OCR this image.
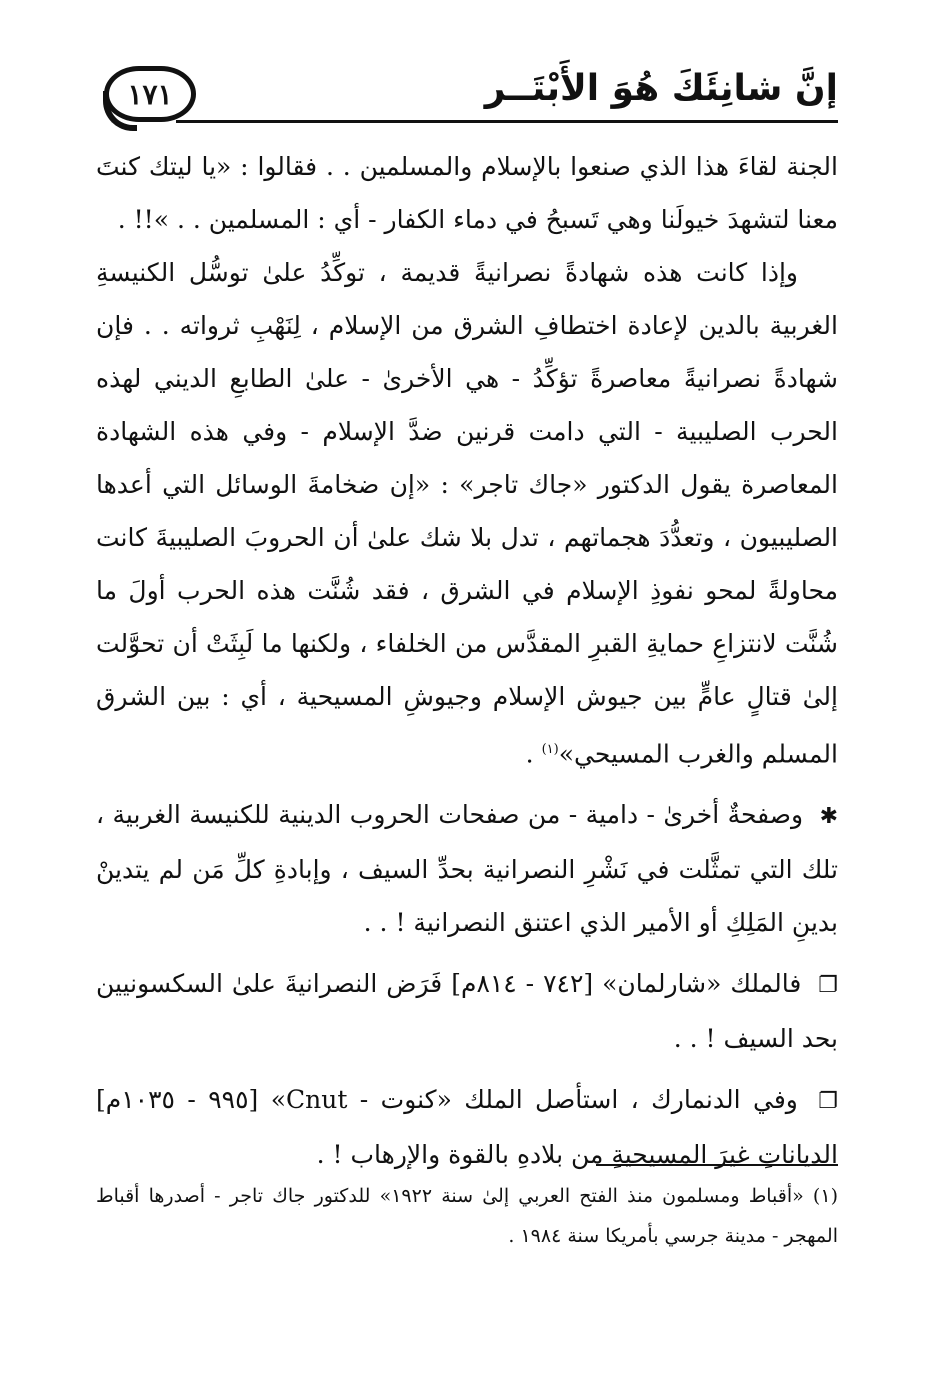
إنَّ شانِئَكَ هُوَ الأَبْتَــر
١٧١

الجنة لقاءَ هذا الذي صنعوا بالإسلام والمسلمين . . فقالوا : «يا ليتك كنتَ معنا لتشهدَ خيولَنا وهي تَسبحُ في دماء الكفار - أي : المسلمين . . »!! .

وإذا كانت هذه شهادةً نصرانيةً قديمة ، توكِّدُ علىٰ توسُّل الكنيسةِ الغربية بالدين لإعادة اختطافِ الشرق من الإسلام ، لِنَهْبِ ثرواته . . فإن شهادةً نصرانيةً معاصرةً تؤكِّدُ - هي الأخرىٰ - علىٰ الطابعِ الديني لهذه الحرب الصليبية - التي دامت قرنين ضدَّ الإسلام - وفي هذه الشهادة المعاصرة يقول الدكتور «جاك تاجر» : «إن ضخامةَ الوسائل التي أعدها الصليبيون ، وتعدُّدَ هجماتهم ، تدل بلا شك علىٰ أن الحروبَ الصليبيةَ كانت محاولةً لمحو نفوذِ الإسلام في الشرق ، فقد شُنَّت هذه الحرب أولَ ما شُنَّت لانتزاعِ حمايةِ القبرِ المقدَّس من الخلفاء ، ولكنها ما لَبِثَتْ أن تحوَّلت إلىٰ قتالٍ عامٍّ بين جيوش الإسلام وجيوشِ المسيحية ، أي : بين الشرق المسلم والغرب المسيحي»$^{(١)}$ .

✱ وصفحةٌ أخرىٰ - دامية - من صفحات الحروب الدينية للكنيسة الغربية ، تلك التي تمثَّلت في نَشْرِ النصرانية بحدِّ السيف ، وإبادةِ كلِّ مَن لم يتدينْ بدينِ المَلِكِ أو الأمير الذي اعتنق النصرانية ! . .

❐ فالملك «شارلمان» [٧٤٢ - ٨١٤م] فَرَض النصرانيةَ علىٰ السكسونيين بحد السيف ! . .

❐ وفي الدنمارك ، استأصل الملك «كنوت - Cnut» [٩٩٥ - ١٠٣٥م] الدياناتِ غيرَ المسيحيةِ من بلادهِ بالقوة والإرهاب ! .

(١) «أقباط ومسلمون منذ الفتح العربي إلىٰ سنة ١٩٢٢» للدكتور جاك تاجر - أصدرها أقباط المهجر - مدينة جرسي بأمريكا سنة ١٩٨٤ .
